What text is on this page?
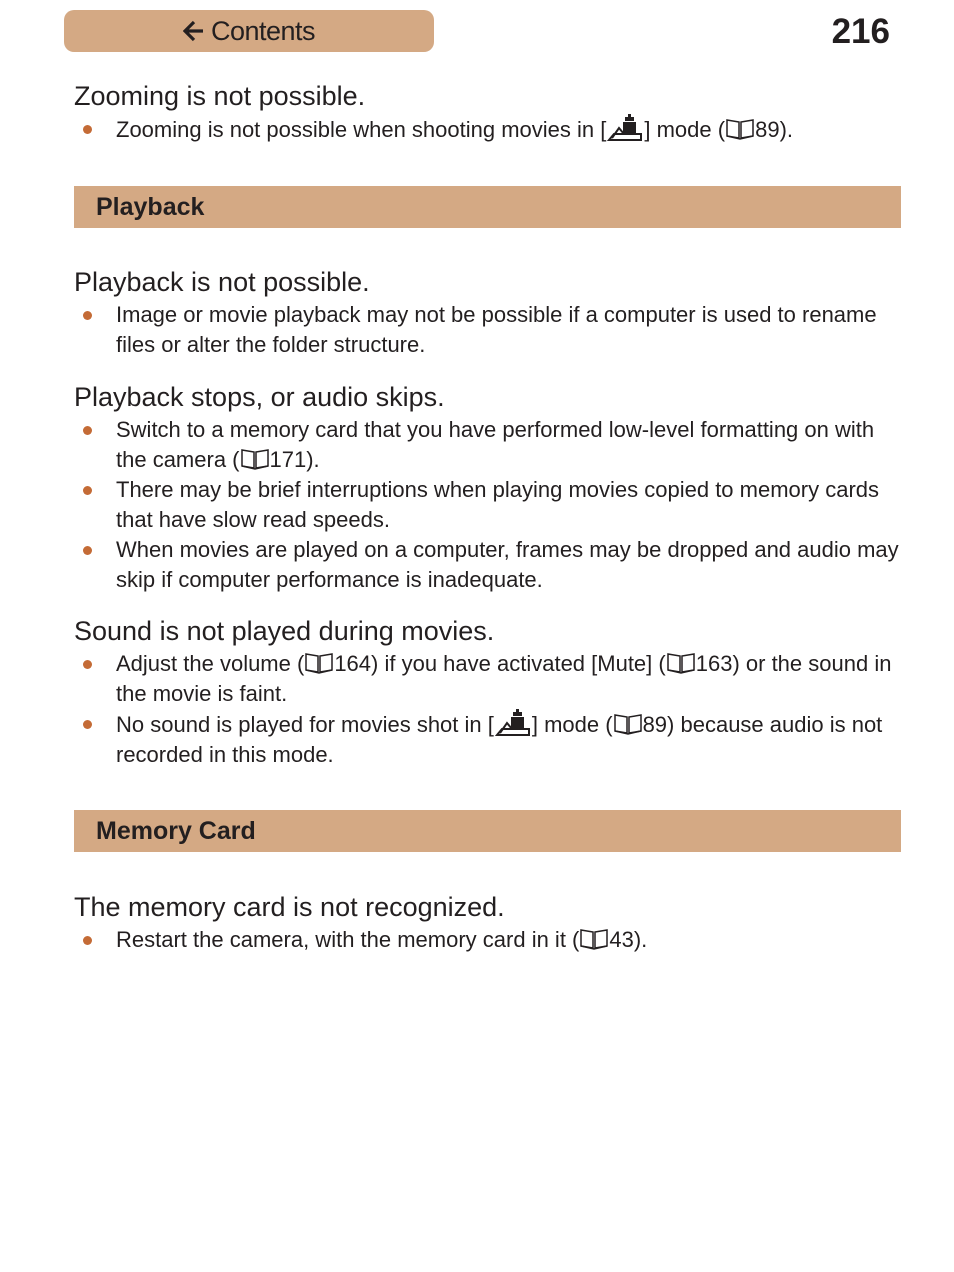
Contents	216
Zooming is not possible.
Zooming is not possible when shooting movies in [ ] mode ( 89).
Playback
Playback is not possible.
Image or movie playback may not be possible if a computer is used to rename files or alter the folder structure.
Playback stops, or audio skips.
Switch to a memory card that you have performed low-level formatting on with the camera ( 171).
There may be brief interruptions when playing movies copied to memory cards that have slow read speeds.
When movies are played on a computer, frames may be dropped and audio may skip if computer performance is inadequate.
Sound is not played during movies.
Adjust the volume ( 164) if you have activated [Mute] ( 163) or the sound in the movie is faint.
No sound is played for movies shot in [ ] mode ( 89) because audio is not recorded in this mode.
Memory Card
The memory card is not recognized.
Restart the camera, with the memory card in it ( 43).
